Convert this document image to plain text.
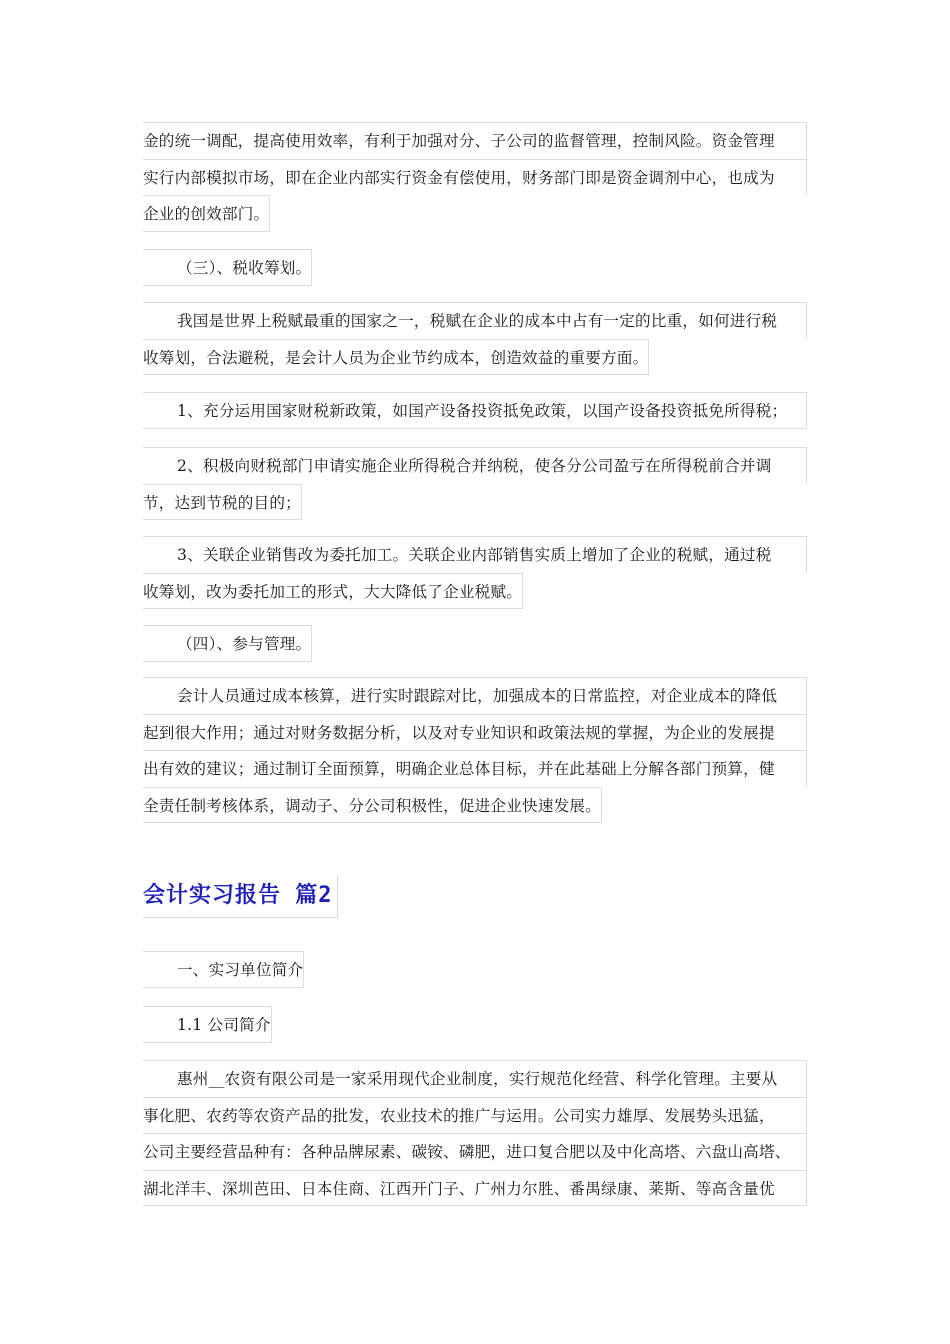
金的统一调配，提高使用效率，有利于加强对分、子公司的监督管理，控制风险。资金管理
实行内部模拟市场，即在企业内部实行资金有偿使用，财务部门即是资金调剂中心，也成为
企业的创效部门。
（三）、税收筹划。
我国是世界上税赋最重的国家之一，税赋在企业的成本中占有一定的比重，如何进行税
收筹划，合法避税，是会计人员为企业节约成本，创造效益的重要方面。
1、充分运用国家财税新政策，如国产设备投资抵免政策，以国产设备投资抵免所得税；
2、积极向财税部门申请实施企业所得税合并纳税，使各分公司盈亏在所得税前合并调
节，达到节税的目的；
3、关联企业销售改为委托加工。关联企业内部销售实质上增加了企业的税赋，通过税
收筹划，改为委托加工的形式，大大降低了企业税赋。
（四）、参与管理。
会计人员通过成本核算，进行实时跟踪对比，加强成本的日常监控，对企业成本的降低
起到很大作用；通过对财务数据分析，以及对专业知识和政策法规的掌握，为企业的发展提
出有效的建议；通过制订全面预算，明确企业总体目标，并在此基础上分解各部门预算，健
全责任制考核体系，调动子、分公司积极性，促进企业快速发展。
会计实习报告 篇2
一、实习单位简介
1.1 公司简介
惠州__农资有限公司是一家采用现代企业制度，实行规范化经营、科学化管理。主要从
事化肥、农药等农资产品的批发，农业技术的推广与运用。公司实力雄厚、发展势头迅猛，
公司主要经营品种有：各种品牌尿素、碳铵、磷肥，进口复合肥以及中化高塔、六盘山高塔、
湖北洋丰、深圳芭田、日本住商、江西开门子、广州力尔胜、番禺绿康、莱斯、等高含量优
